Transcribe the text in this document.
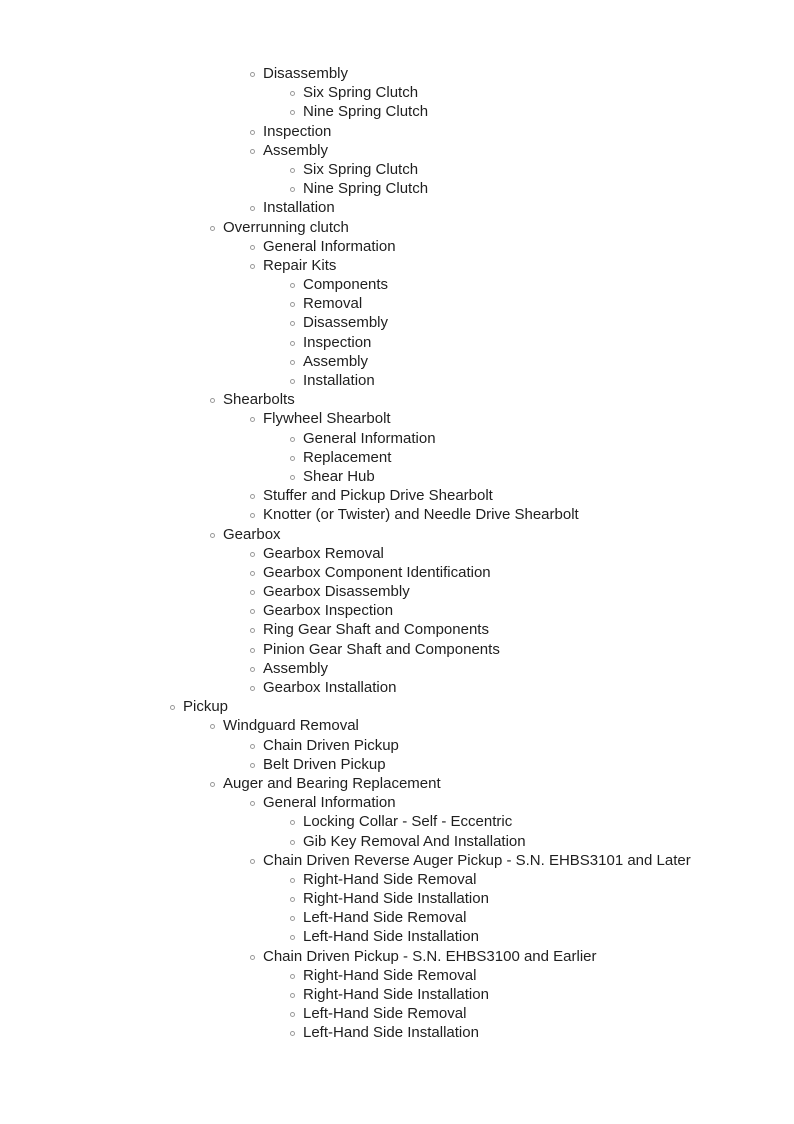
Disassembly
Six Spring Clutch
Nine Spring Clutch
Inspection
Assembly
Six Spring Clutch
Nine Spring Clutch
Installation
Overrunning clutch
General Information
Repair Kits
Components
Removal
Disassembly
Inspection
Assembly
Installation
Shearbolts
Flywheel Shearbolt
General Information
Replacement
Shear Hub
Stuffer and Pickup Drive Shearbolt
Knotter (or Twister) and Needle Drive Shearbolt
Gearbox
Gearbox Removal
Gearbox Component Identification
Gearbox Disassembly
Gearbox Inspection
Ring Gear Shaft and Components
Pinion Gear Shaft and Components
Assembly
Gearbox Installation
Pickup
Windguard Removal
Chain Driven Pickup
Belt Driven Pickup
Auger and Bearing Replacement
General Information
Locking Collar - Self - Eccentric
Gib Key Removal And Installation
Chain Driven Reverse Auger Pickup - S.N. EHBS3101 and Later
Right-Hand Side Removal
Right-Hand Side Installation
Left-Hand Side Removal
Left-Hand Side Installation
Chain Driven Pickup - S.N. EHBS3100 and Earlier
Right-Hand Side Removal
Right-Hand Side Installation
Left-Hand Side Removal
Left-Hand Side Installation
